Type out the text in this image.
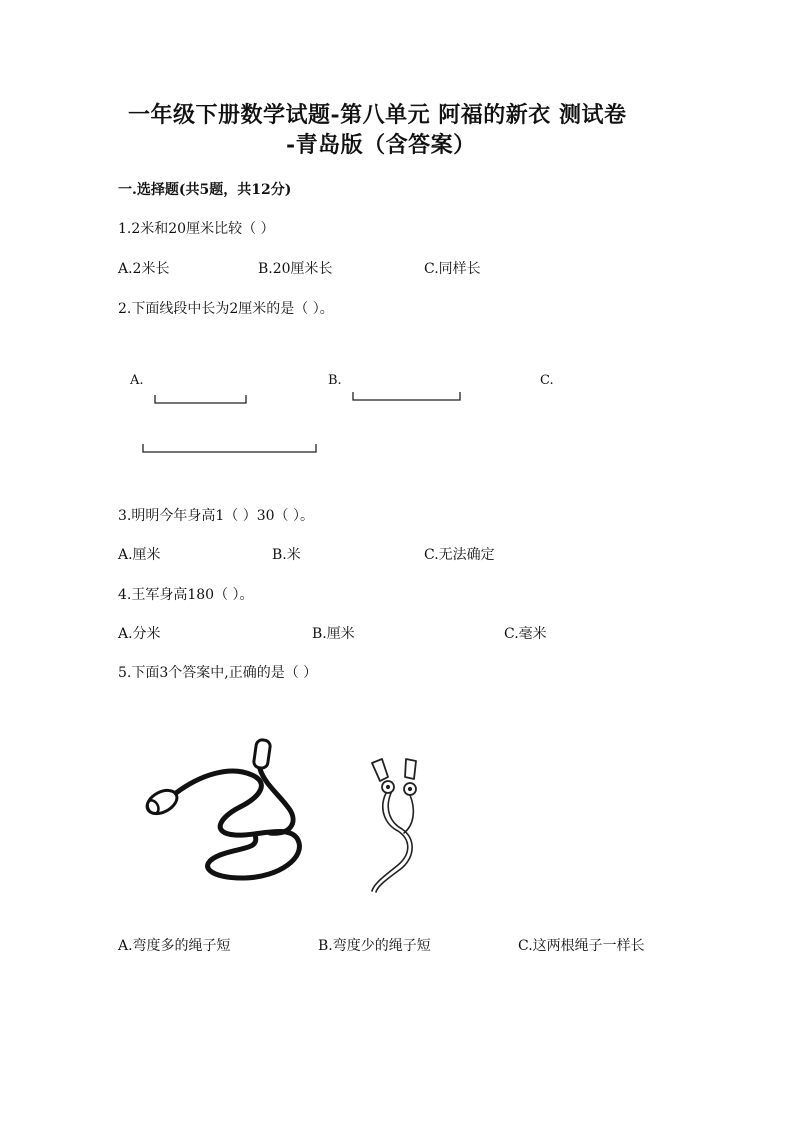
一年级下册数学试题-第八单元 阿福的新衣 测试卷
-青岛版（含答案）
一.选择题(共5题，共12分)
1.2米和20厘米比较（ ）
A.2米长	B.20厘米长	C.同样长
2.下面线段中长为2厘米的是（ ）。
A.	B.	C.
3.明明今年身高1（ ）30（ ）。
A.厘米	B.米	C.无法确定
4.王军身高180（ ）。
A.分米	B.厘米	C.毫米
5.下面3个答案中,正确的是（ ）
A.弯度多的绳子短	B.弯度少的绳子短	C.这两根绳子一样长
